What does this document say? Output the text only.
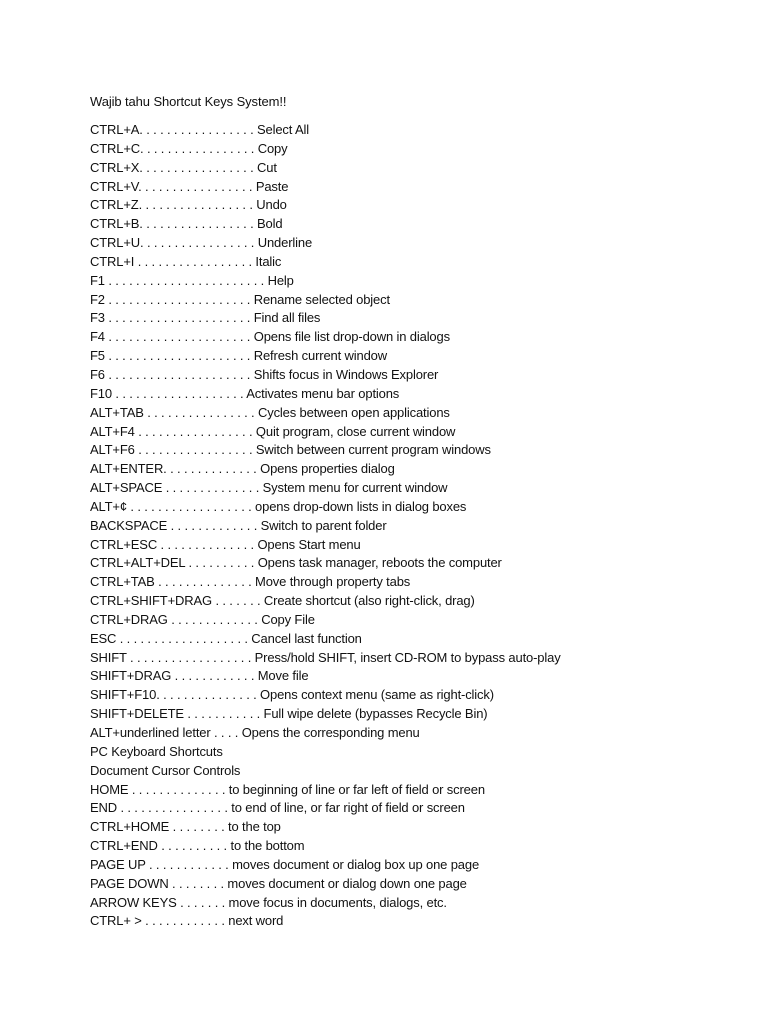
Wajib tahu Shortcut Keys System!!
CTRL+A. . . . . . . . . . . . . . . . . Select All
CTRL+C. . . . . . . . . . . . . . . . . Copy
CTRL+X. . . . . . . . . . . . . . . . . Cut
CTRL+V. . . . . . . . . . . . . . . . . Paste
CTRL+Z. . . . . . . . . . . . . . . . . Undo
CTRL+B. . . . . . . . . . . . . . . . . Bold
CTRL+U. . . . . . . . . . . . . . . . . Underline
CTRL+I . . . . . . . . . . . . . . . . . Italic
F1 . . . . . . . . . . . . . . . . . . . . . . . Help
F2 . . . . . . . . . . . . . . . . . . . . . Rename selected object
F3 . . . . . . . . . . . . . . . . . . . . . Find all files
F4 . . . . . . . . . . . . . . . . . . . . . Opens file list drop-down in dialogs
F5 . . . . . . . . . . . . . . . . . . . . . Refresh current window
F6 . . . . . . . . . . . . . . . . . . . . . Shifts focus in Windows Explorer
F10 . . . . . . . . . . . . . . . . . . . Activates menu bar options
ALT+TAB . . . . . . . . . . . . . . . . Cycles between open applications
ALT+F4 . . . . . . . . . . . . . . . . . Quit program, close current window
ALT+F6 . . . . . . . . . . . . . . . . . Switch between current program windows
ALT+ENTER. . . . . . . . . . . . . . Opens properties dialog
ALT+SPACE . . . . . . . . . . . . . . System menu for current window
ALT+¢ . . . . . . . . . . . . . . . . . . opens drop-down lists in dialog boxes
BACKSPACE . . . . . . . . . . . . . Switch to parent folder
CTRL+ESC . . . . . . . . . . . . . . Opens Start menu
CTRL+ALT+DEL . . . . . . . . . . Opens task manager, reboots the computer
CTRL+TAB . . . . . . . . . . . . . . Move through property tabs
CTRL+SHIFT+DRAG . . . . . . . Create shortcut (also right-click, drag)
CTRL+DRAG . . . . . . . . . . . . . Copy File
ESC . . . . . . . . . . . . . . . . . . . Cancel last function
SHIFT . . . . . . . . . . . . . . . . . . Press/hold SHIFT, insert CD-ROM to bypass auto-play
SHIFT+DRAG . . . . . . . . . . . . Move file
SHIFT+F10. . . . . . . . . . . . . . . Opens context menu (same as right-click)
SHIFT+DELETE . . . . . . . . . . . Full wipe delete (bypasses Recycle Bin)
ALT+underlined letter . . . . Opens the corresponding menu
PC Keyboard Shortcuts
Document Cursor Controls
HOME . . . . . . . . . . . . . . to beginning of line or far left of field or screen
END . . . . . . . . . . . . . . . . to end of line, or far right of field or screen
CTRL+HOME . . . . . . . . to the top
CTRL+END . . . . . . . . . . to the bottom
PAGE UP . . . . . . . . . . . . moves document or dialog box up one page
PAGE DOWN . . . . . . . . moves document or dialog down one page
ARROW KEYS . . . . . . . move focus in documents, dialogs, etc.
CTRL+ > . . . . . . . . . . . . next word
